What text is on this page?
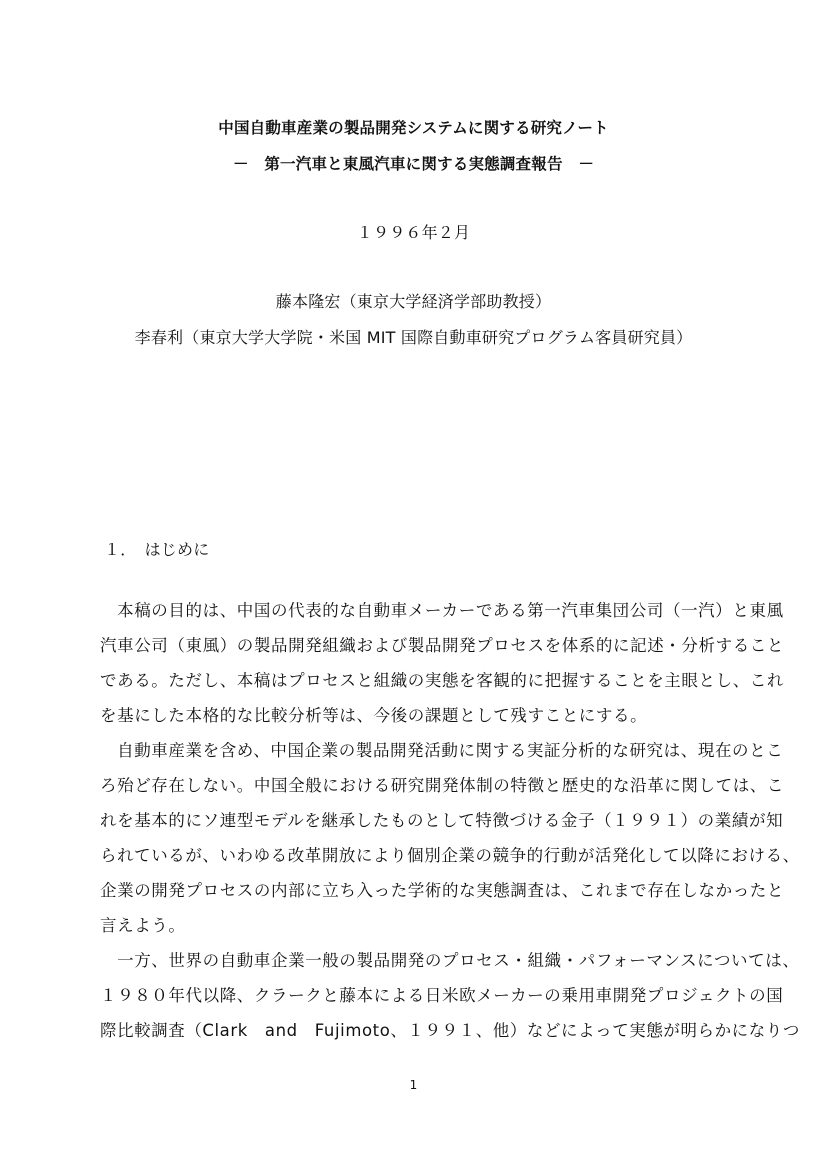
中国自動車産業の製品開発システムに関する研究ノート
－　第一汽車と東風汽車に関する実態調査報告　－
１９９６年２月
藤本隆宏（東京大学経済学部助教授）
李春利（東京大学大学院・米国 MIT 国際自動車研究プログラム客員研究員）
１．　はじめに
　本稿の目的は、中国の代表的な自動車メーカーである第一汽車集団公司（一汽）と東風
汽車公司（東風）の製品開発組織および製品開発プロセスを体系的に記述・分析すること
である。ただし、本稿はプロセスと組織の実態を客観的に把握することを主眼とし、これ
を基にした本格的な比較分析等は、今後の課題として残すことにする。
　自動車産業を含め、中国企業の製品開発活動に関する実証分析的な研究は、現在のとこ
ろ殆ど存在しない。中国全般における研究開発体制の特徴と歴史的な沿革に関しては、こ
れを基本的にソ連型モデルを継承したものとして特徴づける金子（１９９１）の業績が知
られているが、いわゆる改革開放により個別企業の競争的行動が活発化して以降における、
企業の開発プロセスの内部に立ち入った学術的な実態調査は、これまで存在しなかったと
言えよう。
　一方、世界の自動車企業一般の製品開発のプロセス・組織・パフォーマンスについては、
１９８０年代以降、クラークと藤本による日米欧メーカーの乗用車開発プロジェクトの国
際比較調査（Clark　and　Fujimoto、１９９１、他）などによって実態が明らかになりつ
1
